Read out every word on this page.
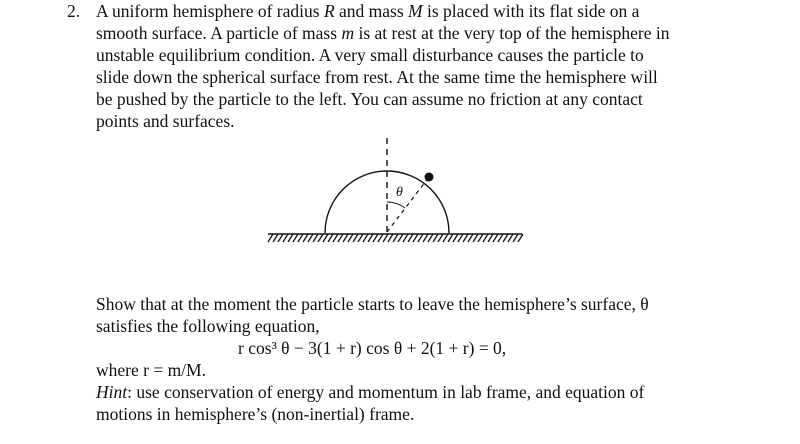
2. A uniform hemisphere of radius R and mass M is placed with its flat side on a
smooth surface. A particle of mass m is at rest at the very top of the hemisphere in
unstable equilibrium condition. A very small disturbance causes the particle to
slide down the spherical surface from rest. At the same time the hemisphere will
be pushed by the particle to the left. You can assume no friction at any contact
points and surfaces.
θ
Show that at the moment the particle starts to leave the hemisphere’s surface, θ
satisfies the following equation,
r cos³ θ − 3(1 + r) cos θ + 2(1 + r) = 0,
where r = m/M.
Hint: use conservation of energy and momentum in lab frame, and equation of
motions in hemisphere’s (non-inertial) frame.
